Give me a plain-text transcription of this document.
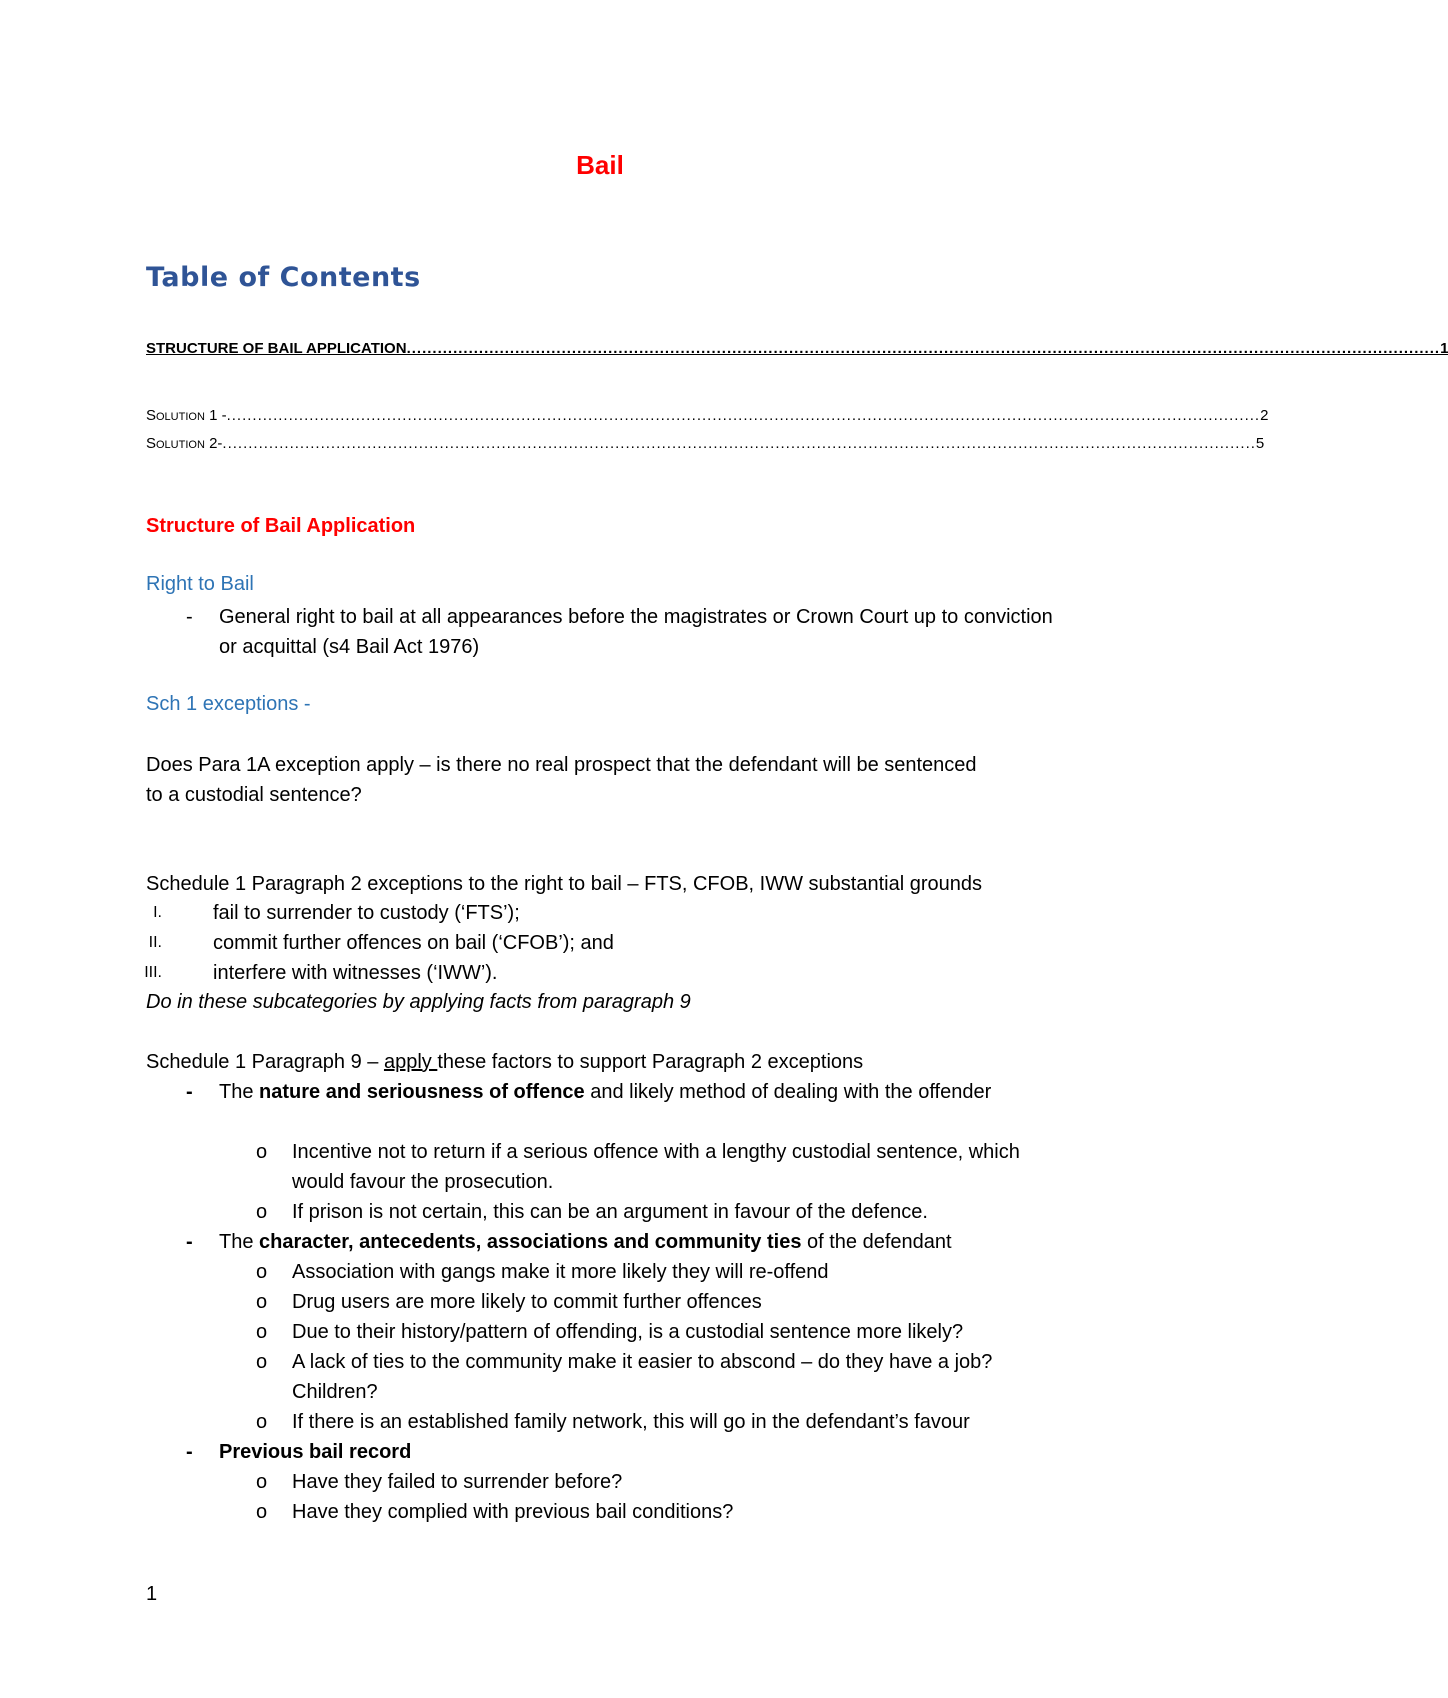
Bail
Table of Contents
STRUCTURE OF BAIL APPLICATION ........................................................................................................................................................................................................ 1
Solution 1 - ........................................................................................................................................................................................................ 2
Solution 2- ........................................................................................................................................................................................................ 5
Structure of Bail Application
Right to Bail
- General right to bail at all appearances before the magistrates or Crown Court up to conviction or acquittal (s4 Bail Act 1976)
Sch 1 exceptions -
Does Para 1A exception apply – is there no real prospect that the defendant will be sentenced to a custodial sentence?
Schedule 1 Paragraph 2 exceptions to the right to bail – FTS, CFOB, IWW substantial grounds
I.	fail to surrender to custody (‘FTS’);
II.	commit further offences on bail (‘CFOB’); and
III.	interfere with witnesses (‘IWW’).
Do in these subcategories by applying facts from paragraph 9
Schedule 1 Paragraph 9 – apply these factors to support Paragraph 2 exceptions
- The nature and seriousness of offence and likely method of dealing with the offender
o Incentive not to return if a serious offence with a lengthy custodial sentence, which would favour the prosecution.
o If prison is not certain, this can be an argument in favour of the defence.
- The character, antecedents, associations and community ties of the defendant
o Association with gangs make it more likely they will re-offend
o Drug users are more likely to commit further offences
o Due to their history/pattern of offending, is a custodial sentence more likely?
o A lack of ties to the community make it easier to abscond – do they have a job? Children?
o If there is an established family network, this will go in the defendant’s favour
- Previous bail record
o Have they failed to surrender before?
o Have they complied with previous bail conditions?
1
